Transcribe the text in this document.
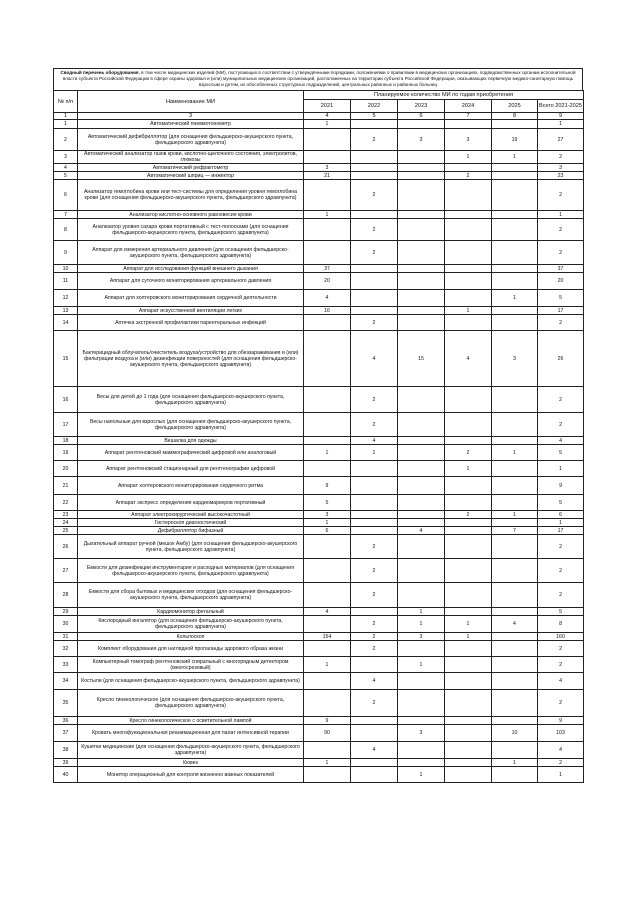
Сводный перечень оборудования, в том числе медицинских изделий (МИ), поступающих в соответствии с утверждёнными порядками, положениями о правилами в медицинских организациях, подведомственных органам исполнительной власти субъекта Российской Федерации в сфере охраны здоровья и (или) муниципальных медицинских организаций, расположенных на территории субъекта Российской Федерации, оказывающих первичную медико-санитарную помощь взрослым и детям, их обособленных структурных подразделений, центральных районных и районных больниц
№ п/п	Наименование МИ	Планируемое количество МИ по годам приобретения					
		2021	2022	2023	2024	2025	Всего 2021-2025
1	3	4	5	6	7	8	9
1	Автоматический пневмотонометр	1					1
2	Автоматический дефибриллятор (для оснащения фельдшерско-акушерского пункта, фельдшерского здравпункта)		2	3	3	19	27
3	Автоматический анализатор газов крови, кислотно-щелочного состояния, электролитов, глюкозы				1	1	2
4	Автоматический рефрактометр	3					3
5	Автоматический шприц — инжектор	21			2		23
6	Анализатор гемоглобина крови или тест-системы для определения уровня гемоглобина крови (для оснащения фельдшерско-акушерского пункта, фельдшерского здравпункта)		2				2
7	Анализатор кислотно-основного равновесия крови	1					1
8	Анализатор уровня сахара крови портативный с тест-полосками (для оснащения фельдшерско-акушерского пункта, фельдшерского здравпункта)		2				2
9	Аппарат для измерения артериального давления (для оснащения фельдшерско-акушерского пункта, фельдшерского здравпункта)		2				2
10	Аппарат для исследования функций внешнего дыхания	37					37
11	Аппарат для суточного мониторирования артериального давления	20					20
12	Аппарат для холтеровского мониторирования сердечной деятельности	4				1	5
13	Аппарат искусственной вентиляции легких	16			1		17
14	Аптечка экстренной профилактики парентеральных инфекций		2				2
15	Бактерицидный облучатель/очиститель воздуха/устройство для обеззараживания и (или) фильтрации воздуха и (или) дезинфекции поверхностей (для оснащения фельдшерско-акушерского пункта, фельдшерского здравпункта)		4	15	4	3	26
16	Весы для детей до 1 года (для оснащения фельдшерско-акушерского пункта, фельдшерского здравпункта)		2				2
17	Весы напольные для взрослых (для оснащения фельдшерско-акушерского пункта, фельдшерского здравпункта)		2				2
18	Вешалка для одежды		4				4
19	Аппарат рентгеновский маммографический цифровой или аналоговый	1	1		2	1	5
20	Аппарат рентгеновский стационарный для рентгенографии цифровой				1		1
21	Аппарат холтеровского мониторирования сердечного ритма	9					9
22	Аппарат экспресс определения кардиомаркеров портативный	5					5
23	Аппарат электрохирургический высокочастотный	3			2	1	6
24	Гистероскоп диагностический	1					1
25	Дефибриллятор бифазный	6		4		7	17
26	Дыхательный аппарат ручной (мешок Амбу) (для оснащения фельдшерско-акушерского пункта, фельдшерского здравпункта)		2				2
27	Емкости для дезинфекции инструментария и расходных материалов (для оснащения фельдшерско-акушерского пункта, фельдшерского здравпункта)		2				2
28	Емкости для сбора бытовых и медицинских отходов (для оснащения фельдшерско-акушерского пункта, фельдшерского здравпункта)		2				2
29	Кардиомонитор фетальный	4		1			5
30	Кислородный ингалятор (для оснащения фельдшерско-акушерского пункта, фельдшерского здравпункта)		2	1	1	4	8
31	Кольпоскоп	154	2	3	1		160
32	Комплект оборудования для наглядной пропаганды здорового образа жизни		2				2
33	Компьютерный томограф рентгеновский спиральный с многорядным детектором (многосрезовый)	1		1			2
34	Костыли (для оснащения фельдшерско-акушерского пункта, фельдшерского здравпункта)		4				4
35	Кресло гинекологическое (для оснащения фельдшерско-акушерского пункта, фельдшерского здравпункта)		2				2
36	Кресло гинекологическое с осветительной лампой	9					9
37	Кровать многофункциональная реанимационная для палат интенсивной терапии	90		3		10	103
38	Кушетки медицинские (для оснащения фельдшерско-акушерского пункта, фельдшерского здравпункта)		4				4
39	Кювез	1				1	2
40	Монитор операционный для контроля жизненно важных показателей			1			1
